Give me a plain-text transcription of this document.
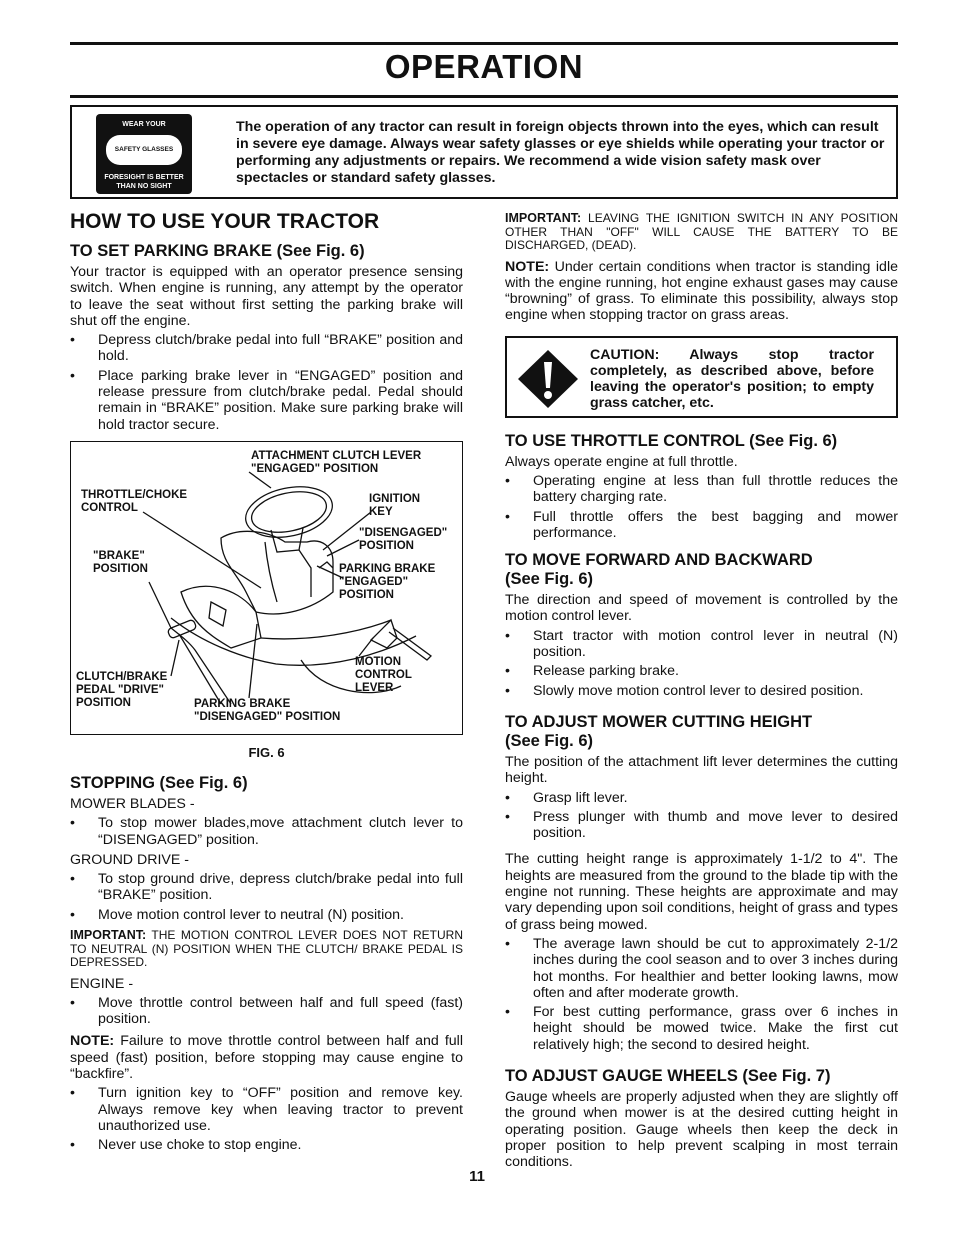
OPERATION
WEAR YOUR
SAFETY GLASSES
FORESIGHT IS BETTER
THAN NO SIGHT
The operation of any tractor can result in foreign objects thrown into the eyes, which can result in severe eye damage. Always wear safety glasses or eye shields while operating your tractor or performing any adjustments or repairs. We recommend a wide vision safety mask over spectacles or standard safety glasses.
HOW TO USE YOUR TRACTOR
TO SET PARKING BRAKE (See Fig. 6)

Your tractor is equipped with an operator presence sensing switch. When engine is running, any attempt by the operator to leave the seat without first setting the parking brake will shut off the engine.

• Depress clutch/brake pedal into full “BRAKE” position and hold.
• Place parking brake lever in “ENGAGED” position and release pressure from clutch/brake pedal. Pedal should remain in “BRAKE” position. Make sure parking brake will hold tractor secure.
ATTACHMENT CLUTCH LEVER
"ENGAGED" POSITION
THROTTLE/CHOKE
CONTROL
IGNITION
KEY
"DISENGAGED"
POSITION
"BRAKE"
POSITION	PARKING BRAKE
"ENGAGED"
POSITION
MOTION
CONTROL
LEVER
CLUTCH/BRAKE
PEDAL "DRIVE"
POSITION	PARKING BRAKE
"DISENGAGED" POSITION
FIG. 6
STOPPING (See Fig. 6)

MOWER BLADES -

• To stop mower blades,move attachment clutch lever to “DISENGAGED” position.

GROUND DRIVE -

• To stop ground drive, depress clutch/brake pedal into full “BRAKE” position.
• Move motion control lever to neutral (N) position.

IMPORTANT: THE MOTION CONTROL LEVER DOES NOT RETURN TO NEUTRAL (N) POSITION WHEN THE CLUTCH/ BRAKE PEDAL IS DEPRESSED.

ENGINE -

• Move throttle control between half and full speed (fast) position.

NOTE: Failure to move throttle control between half and full speed (fast) position, before stopping may cause engine to “backfire”.

• Turn ignition key to “OFF” position and remove key. Always remove key when leaving tractor to prevent unauthorized use.
• Never use choke to stop engine.

IMPORTANT: LEAVING THE IGNITION SWITCH IN ANY POSITION OTHER THAN "OFF" WILL CAUSE THE BATTERY TO BE DISCHARGED, (DEAD).

NOTE: Under certain conditions when tractor is standing idle with the engine running, hot engine exhaust gases may cause “browning” of grass. To eliminate this possibility, always stop engine when stopping tractor on grass areas.

CAUTION: Always stop tractor completely, as described above, before leaving the operator's position; to empty grass catcher, etc.
TO USE THROTTLE CONTROL (See Fig. 6)

Always operate engine at full throttle.

• Operating engine at less than full throttle reduces the battery charging rate.
• Full throttle offers the best bagging and mower performance.
TO MOVE FORWARD AND BACKWARD
(See Fig. 6)

The direction and speed of movement is controlled by the motion control lever.

• Start tractor with motion control lever in neutral (N) position.
• Release parking brake.
• Slowly move motion control lever to desired position.
TO ADJUST MOWER CUTTING HEIGHT
(See Fig. 6)

The position of the attachment lift lever determines the cutting height.

• Grasp lift lever.
• Press plunger with thumb and move lever to desired position.

The cutting height range is approximately 1-1/2 to 4". The heights are measured from the ground to the blade tip with the engine not running. These heights are approximate and may vary depending upon soil conditions, height of grass and types of grass being mowed.

• The average lawn should be cut to approximately 2-1/2 inches during the cool season and to over 3 inches during hot months. For healthier and better looking lawns, mow often and after moderate growth.
• For best cutting performance, grass over 6 inches in height should be mowed twice. Make the first cut relatively high; the second to desired height.
TO ADJUST GAUGE WHEELS (See Fig. 7)

Gauge wheels are properly adjusted when they are slightly off the ground when mower is at the desired cutting height in operating position. Gauge wheels then keep the deck in proper position to help prevent scalping in most terrain conditions.

11
